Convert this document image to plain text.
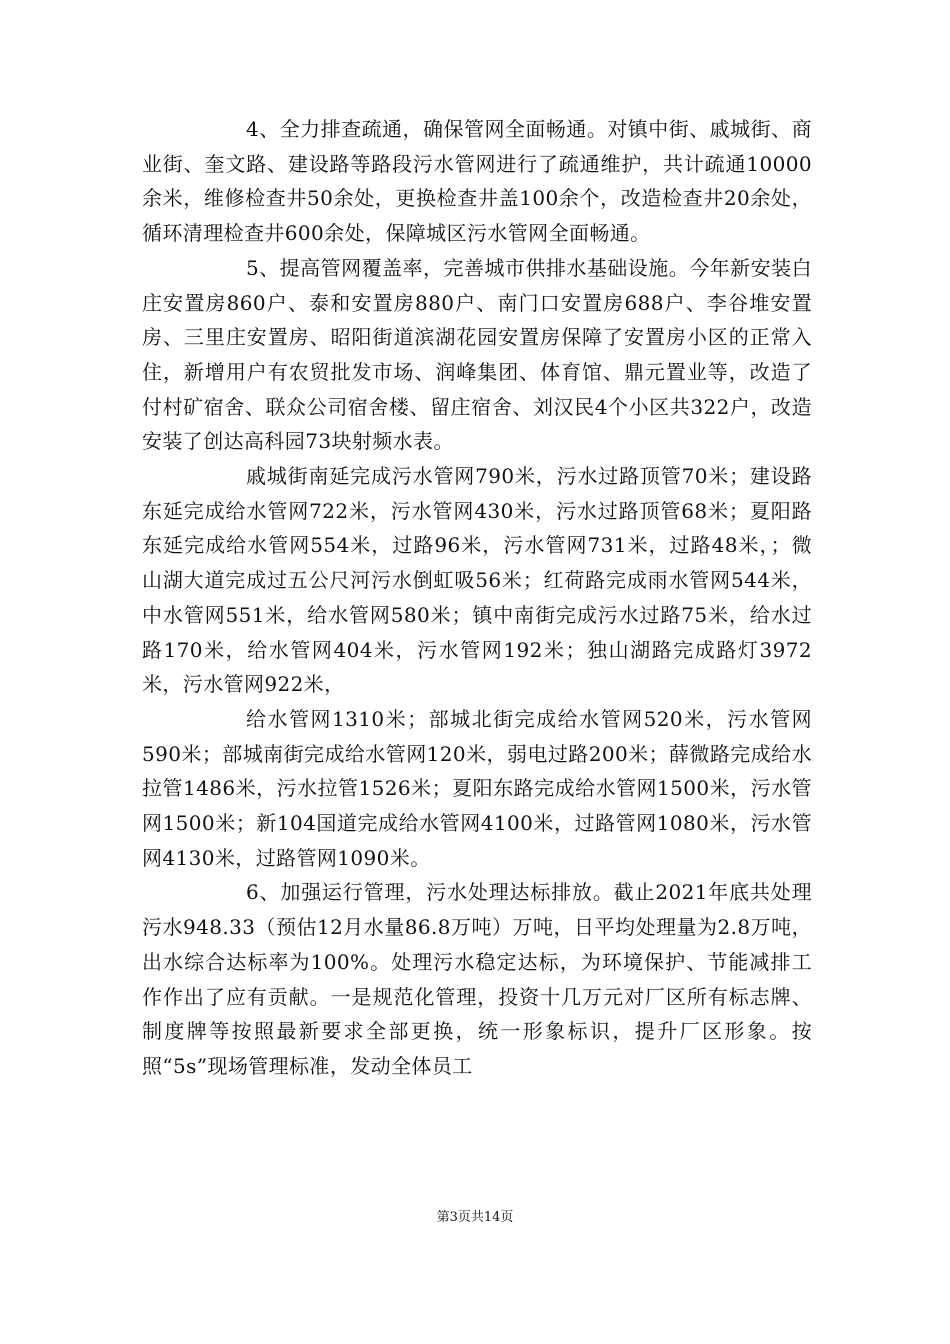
4、全力排查疏通，确保管网全面畅通。对镇中街、戚城街、商业街、奎文路、建设路等路段污水管网进行了疏通维护，共计疏通10000余米，维修检查井50余处，更换检查井盖100余个，改造检查井20余处，循环清理检查井600余处，保障城区污水管网全面畅通。

5、提高管网覆盖率，完善城市供排水基础设施。今年新安装白庄安置房860户、泰和安置房880户、南门口安置房688户、李谷堆安置房、三里庄安置房、昭阳街道滨湖花园安置房保障了安置房小区的正常入住，新增用户有农贸批发市场、润峰集团、体育馆、鼎元置业等，改造了付村矿宿舍、联众公司宿舍楼、留庄宿舍、刘汉民4个小区共322户，改造安装了创达高科园73块射频水表。

戚城街南延完成污水管网790米，污水过路顶管70米；建设路东延完成给水管网722米，污水管网430米，污水过路顶管68米；夏阳路东延完成给水管网554米，过路96米，污水管网731米，过路48米，；微山湖大道完成过五公尺河污水倒虹吸56米；红荷路完成雨水管网544米，中水管网551米，给水管网580米；镇中南街完成污水过路75米，给水过路170米，给水管网404米，污水管网192米；独山湖路完成路灯3972米，污水管网922米，

给水管网1310米；部城北街完成给水管网520米，污水管网590米；部城南街完成给水管网120米，弱电过路200米；薛微路完成给水拉管1486米，污水拉管1526米；夏阳东路完成给水管网1500米，污水管网1500米；新104国道完成给水管网4100米，过路管网1080米，污水管网4130米，过路管网1090米。

6、加强运行管理，污水处理达标排放。截止2021年底共处理污水948.33（预估12月水量86.8万吨）万吨，日平均处理量为2.8万吨，出水综合达标率为100%。处理污水稳定达标，为环境保护、节能减排工作作出了应有贡献。一是规范化管理，投资十几万元对厂区所有标志牌、制度牌等按照最新要求全部更换，统一形象标识，提升厂区形象。按照“5s”现场管理标准，发动全体员工

第3页共14页
